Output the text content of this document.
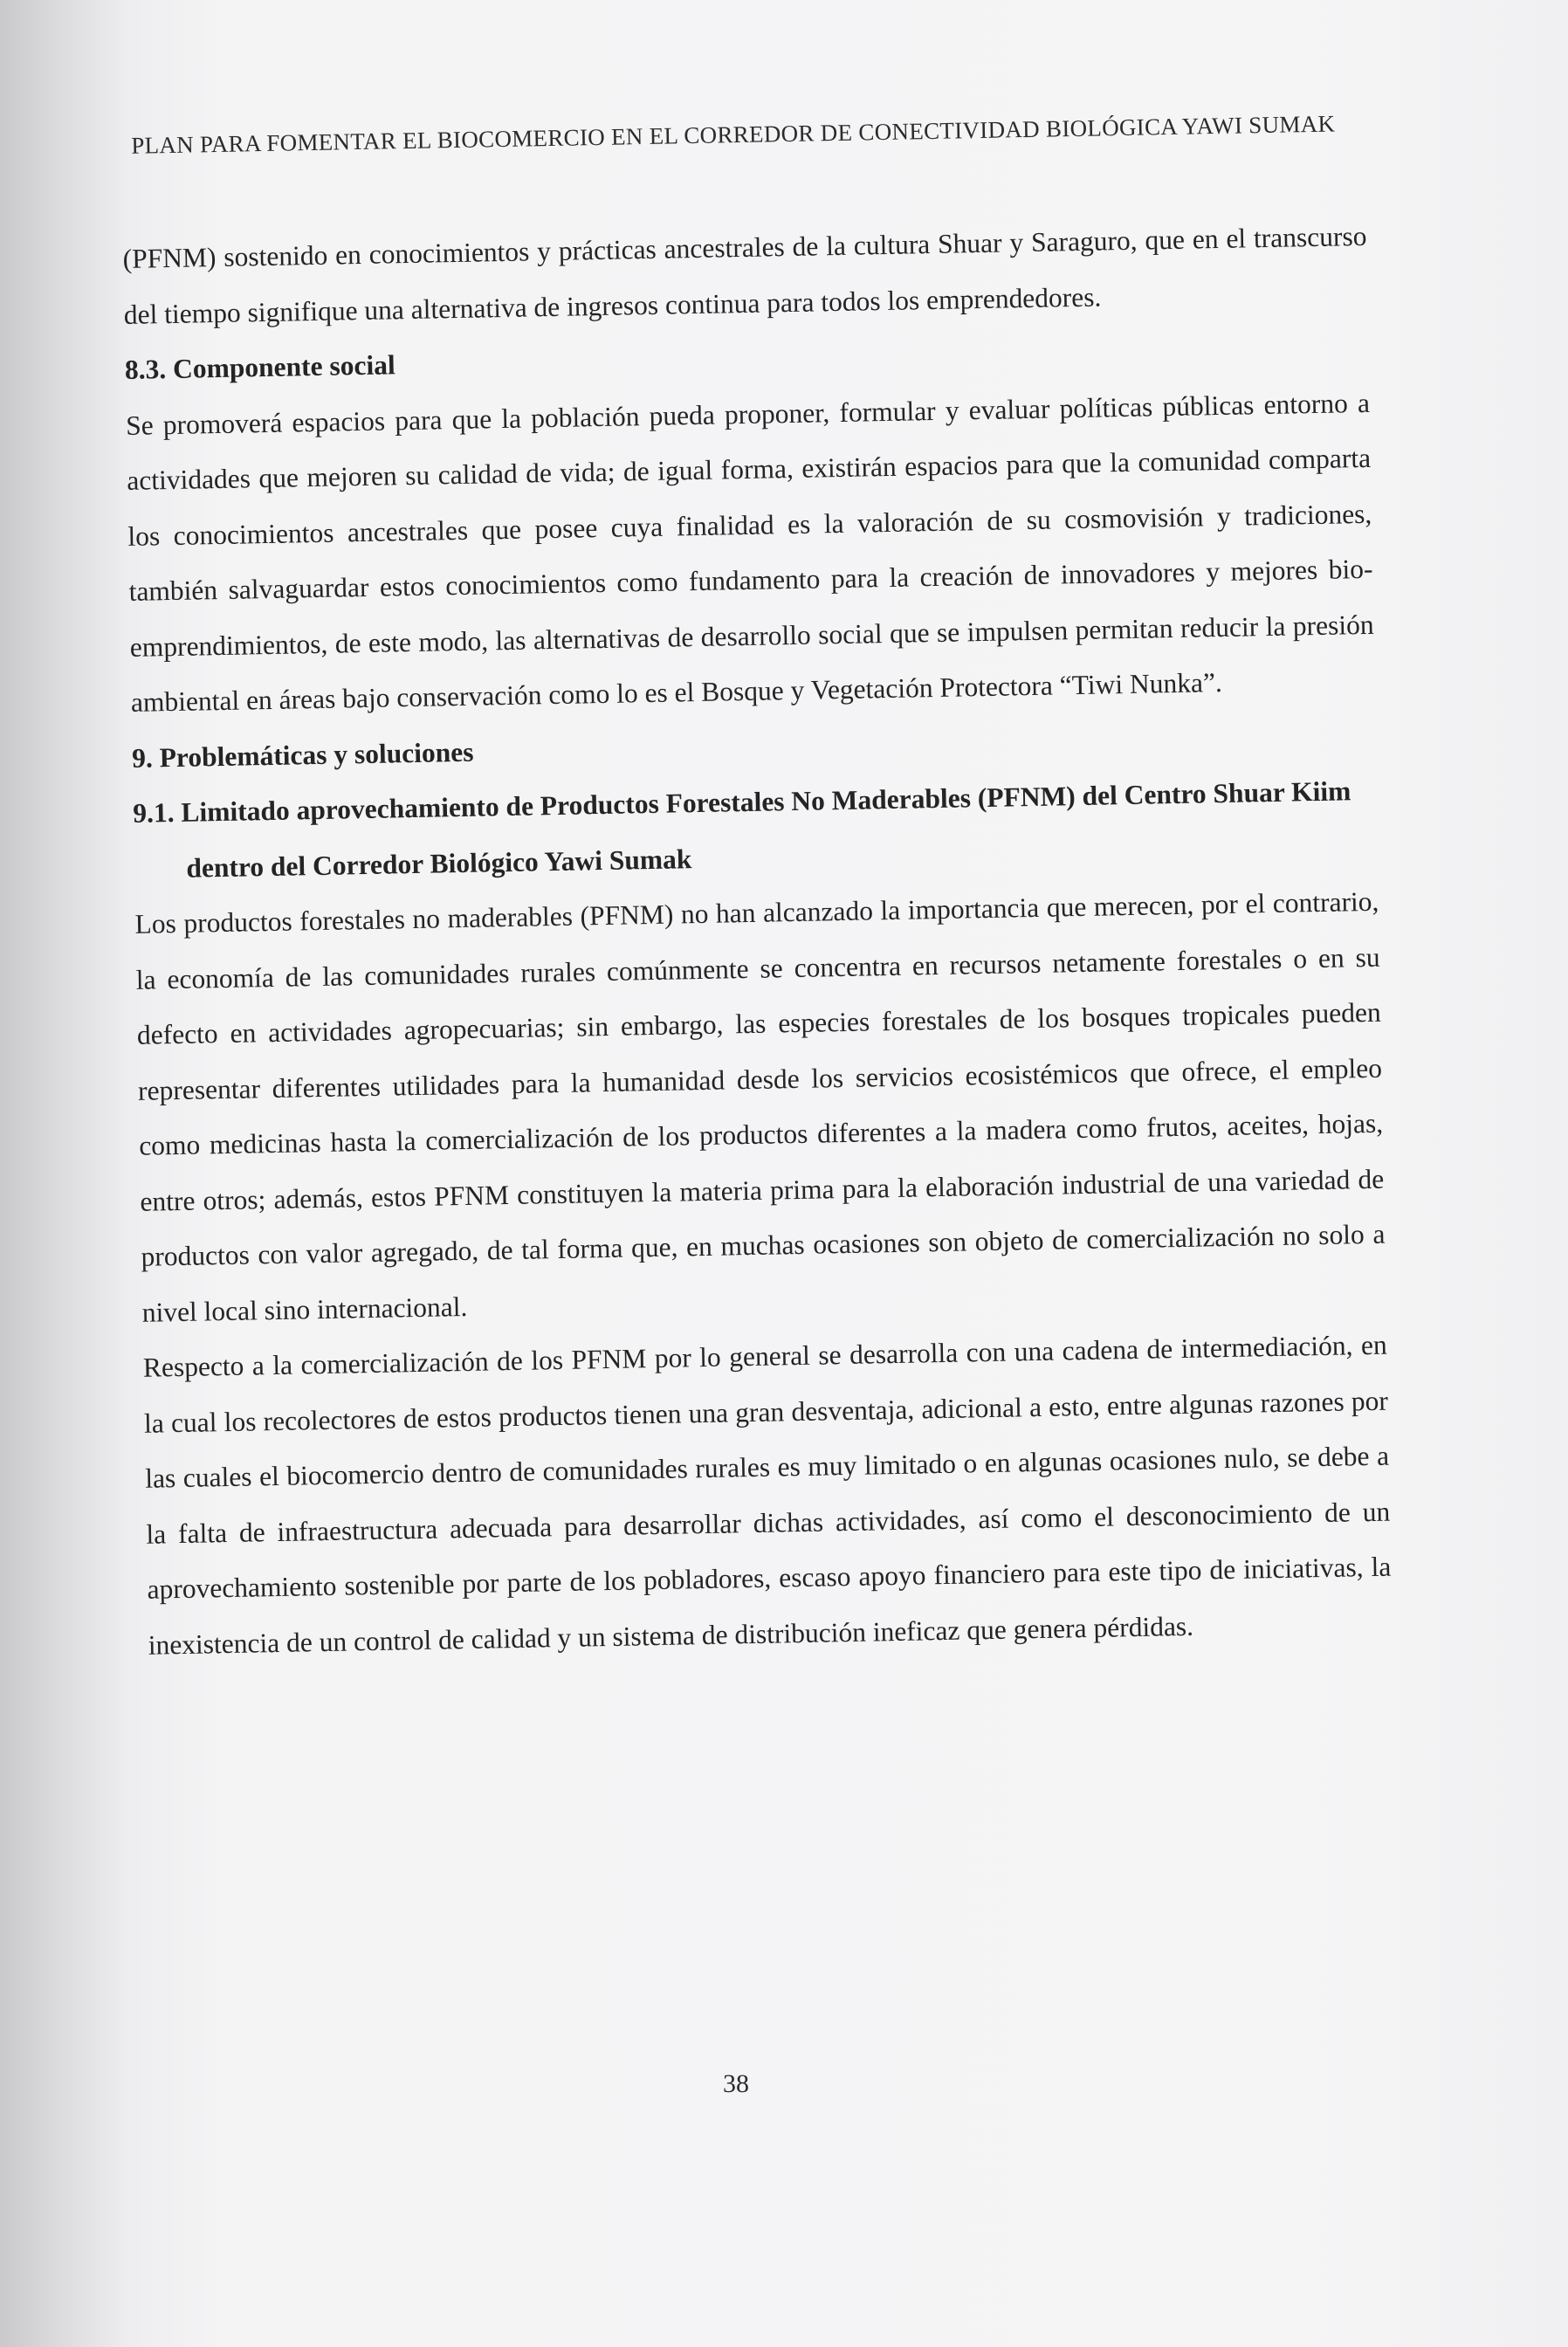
PLAN PARA FOMENTAR EL BIOCOMERCIO EN EL CORREDOR DE CONECTIVIDAD BIOLÓGICA YAWI SUMAK

(PFNM) sostenido en conocimientos y prácticas ancestrales de la cultura Shuar y Saraguro, que en el transcurso del tiempo signifique una alternativa de ingresos continua para todos los emprendedores.

8.3. Componente social

Se promoverá espacios para que la población pueda proponer, formular y evaluar políticas públicas entorno a actividades que mejoren su calidad de vida; de igual forma, existirán espacios para que la comunidad comparta los conocimientos ancestrales que posee cuya finalidad es la valoración de su cosmovisión y tradiciones, también salvaguardar estos conocimientos como fundamento para la creación de innovadores y mejores bio-emprendimientos, de este modo, las alternativas de desarrollo social que se impulsen permitan reducir la presión ambiental en áreas bajo conservación como lo es el Bosque y Vegetación Protectora “Tiwi Nunka”.

9. Problemáticas y soluciones
9.1. Limitado aprovechamiento de Productos Forestales No Maderables (PFNM) del Centro Shuar Kiim dentro del Corredor Biológico Yawi Sumak

Los productos forestales no maderables (PFNM) no han alcanzado la importancia que merecen, por el contrario, la economía de las comunidades rurales comúnmente se concentra en recursos netamente forestales o en su defecto en actividades agropecuarias; sin embargo, las especies forestales de los bosques tropicales pueden representar diferentes utilidades para la humanidad desde los servicios ecosistémicos que ofrece, el empleo como medicinas hasta la comercialización de los productos diferentes a la madera como frutos, aceites, hojas, entre otros; además, estos PFNM constituyen la materia prima para la elaboración industrial de una variedad de productos con valor agregado, de tal forma que, en muchas ocasiones son objeto de comercialización no solo a nivel local sino internacional.

Respecto a la comercialización de los PFNM por lo general se desarrolla con una cadena de intermediación, en la cual los recolectores de estos productos tienen una gran desventaja, adicional a esto, entre algunas razones por las cuales el biocomercio dentro de comunidades rurales es muy limitado o en algunas ocasiones nulo, se debe a la falta de infraestructura adecuada para desarrollar dichas actividades, así como el desconocimiento de un aprovechamiento sostenible por parte de los pobladores, escaso apoyo financiero para este tipo de iniciativas, la inexistencia de un control de calidad y un sistema de distribución ineficaz que genera pérdidas.

38
